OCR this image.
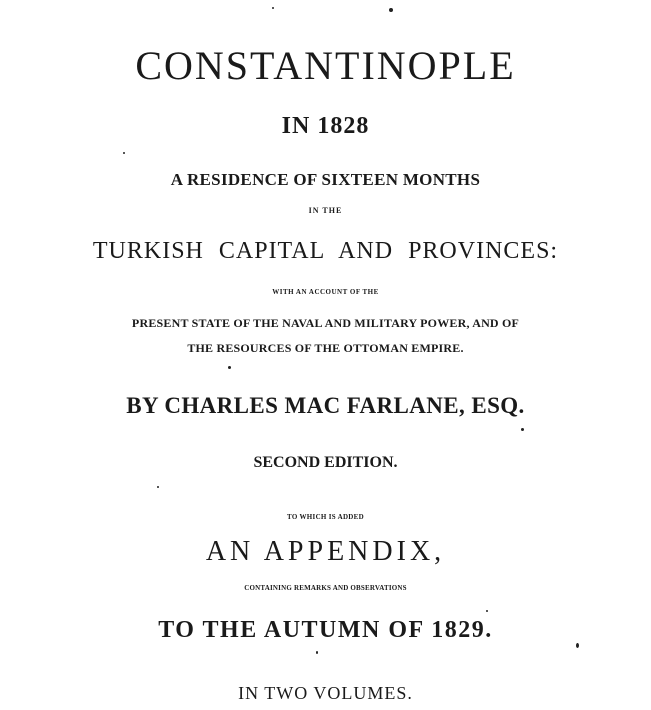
CONSTANTINOPLE
IN 1828
A RESIDENCE OF SIXTEEN MONTHS
IN THE
TURKISH CAPITAL AND PROVINCES:
WITH AN ACCOUNT OF THE
PRESENT STATE OF THE NAVAL AND MILITARY POWER, AND OF
THE RESOURCES OF THE OTTOMAN EMPIRE.
BY CHARLES MAC FARLANE, ESQ.
SECOND EDITION.
TO WHICH IS ADDED
AN APPENDIX,
CONTAINING REMARKS AND OBSERVATIONS
TO THE AUTUMN OF 1829.
IN TWO VOLUMES.
